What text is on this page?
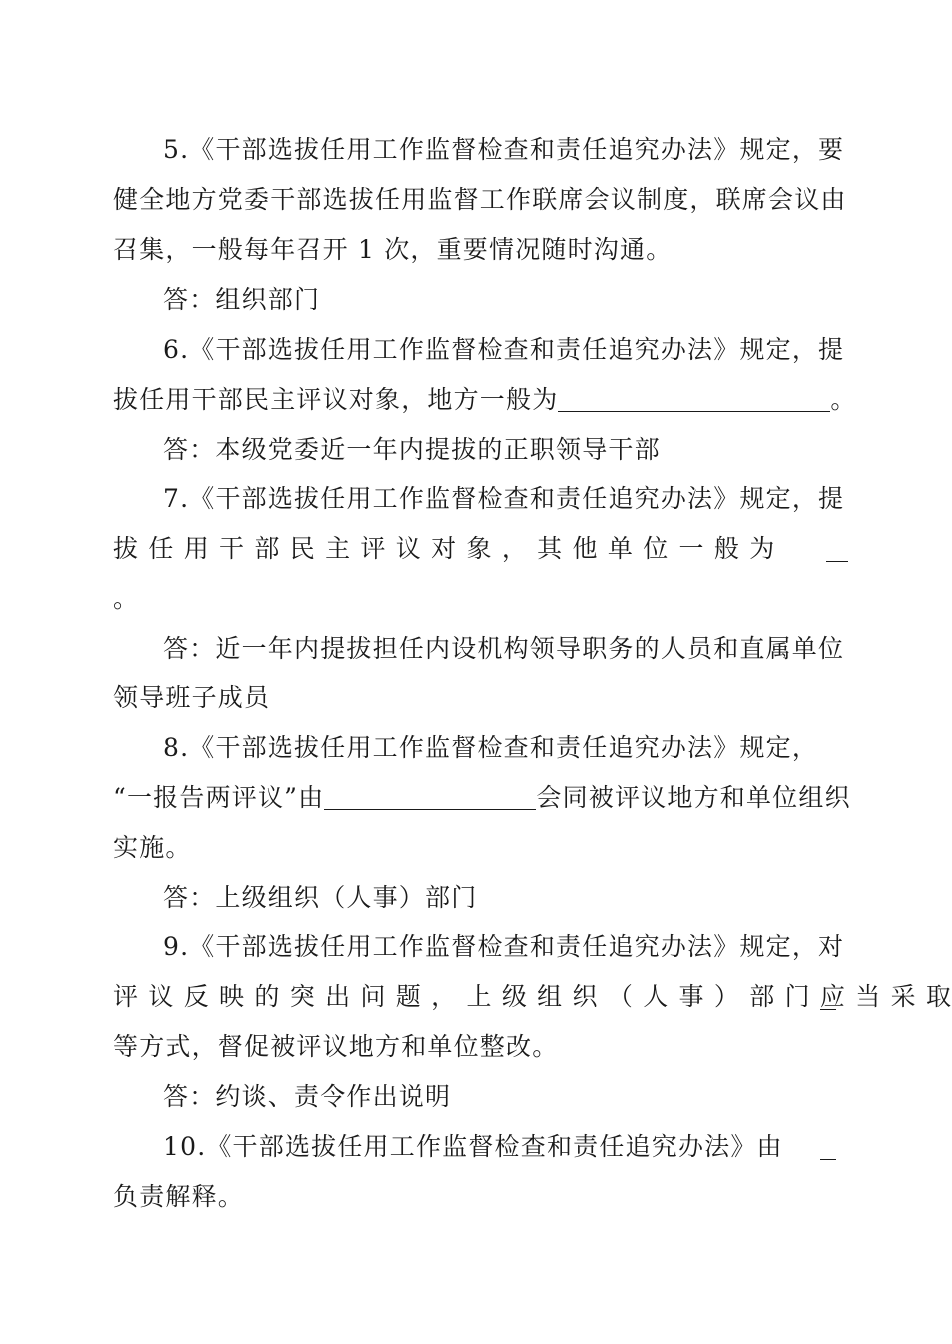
5.《干部选拔任用工作监督检查和责任追究办法》规定，要
健全地方党委干部选拔任用监督工作联席会议制度，联席会议由
召集，一般每年召开 1 次，重要情况随时沟通。
答：组织部门
6.《干部选拔任用工作监督检查和责任追究办法》规定，提
拔任用干部民主评议对象，地方一般为	。
答：本级党委近一年内提拔的正职领导干部
7.《干部选拔任用工作监督检查和责任追究办法》规定，提
拔 任 用 干 部 民 主 评 议 对 象 ， 其 他 单 位 一 般 为
。
答：近一年内提拔担任内设机构领导职务的人员和直属单位
领导班子成员
8.《干部选拔任用工作监督检查和责任追究办法》规定，
“一报告两评议”由	会同被评议地方和单位组织
实施。
答：上级组织（人事）部门
9.《干部选拔任用工作监督检查和责任追究办法》规定，对
评 议 反 映 的 突 出 问 题 ， 上 级 组 织 （ 人 事 ） 部 门 应 当 采 取
等方式，督促被评议地方和单位整改。
答：约谈、责令作出说明
10.《干部选拔任用工作监督检查和责任追究办法》由
负责解释。
